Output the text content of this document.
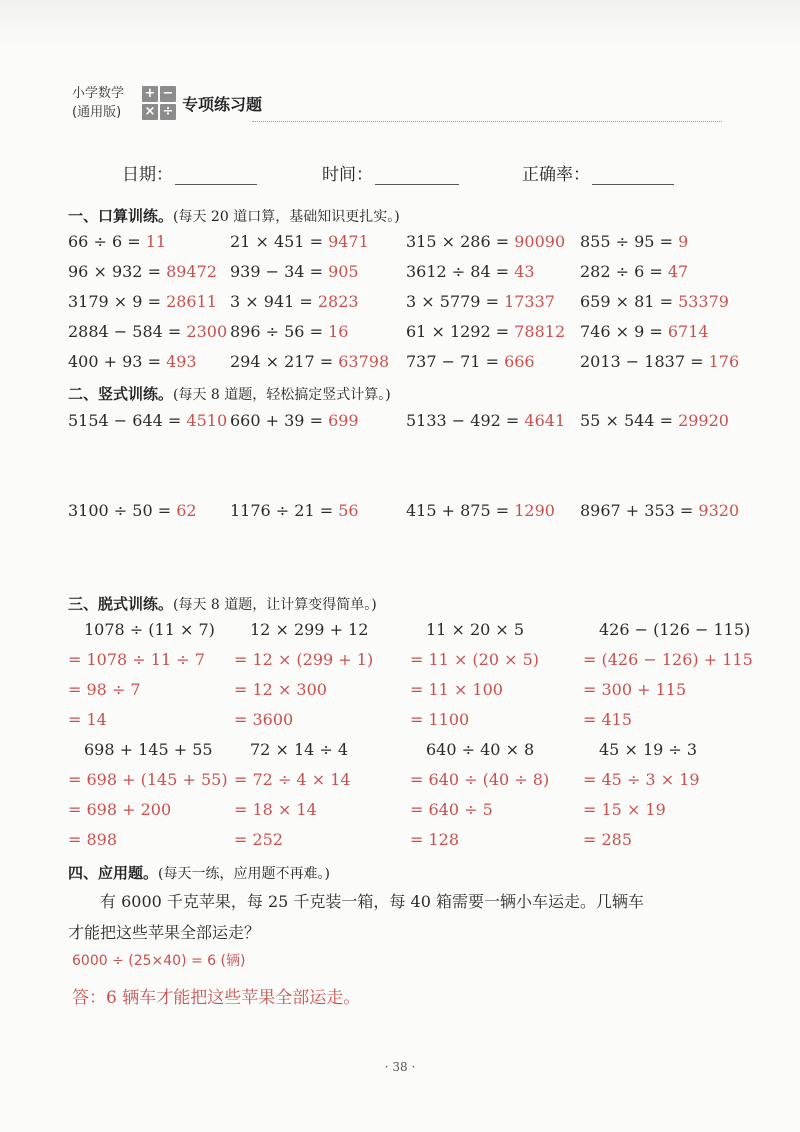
小学数学
(通用版)
+ −
× ÷ 专项练习题
日期：	时间：	正确率：
一、口算训练。(每天 20 道口算，基础知识更扎实。)
66 ÷ 6 = 11	21 × 451 = 9471 315 × 286 = 90090 855 ÷ 95 = 9
96 × 932 = 89472 939 − 34 = 905	3612 ÷ 84 = 43	282 ÷ 6 = 47
3179 × 9 = 28611 3 × 941 = 2823	3 × 5779 = 17337 659 × 81 = 53379
2884 − 584 = 2300 896 ÷ 56 = 16	61 × 1292 = 78812 746 × 9 = 6714
400 + 93 = 493 294 × 217 = 63798 737 − 71 = 666	2013 − 1837 = 176
二、竖式训练。(每天 8 道题，轻松搞定竖式计算。)
5154 − 644 = 4510 660 + 39 = 699	5133 − 492 = 4641 55 × 544 = 29920
3100 ÷ 50 = 62 1176 ÷ 21 = 56	415 + 875 = 1290 8967 + 353 = 9320
三、脱式训练。(每天 8 道题，让计算变得简单。)
1078 ÷ (11 × 7)
= 1078 ÷ 11 ÷ 7
= 98 ÷ 7
= 14
12 × 299 + 12
= 12 × (299 + 1)
= 12 × 300
= 3600
11 × 20 × 5
= 11 × (20 × 5)
= 11 × 100
= 1100
426 − (126 − 115)
= (426 − 126) + 115
= 300 + 115
= 415
698 + 145 + 55
= 698 + (145 + 55)
= 698 + 200
= 898
72 × 14 ÷ 4
= 72 ÷ 4 × 14
= 18 × 14
= 252
640 ÷ 40 × 8
= 640 ÷ (40 ÷ 8)
= 640 ÷ 5
= 128
45 × 19 ÷ 3
= 45 ÷ 3 × 19
= 15 × 19
= 285
四、应用题。(每天一练，应用题不再难。)
有 6000 千克苹果，每 25 千克装一箱，每 40 箱需要一辆小车运走。几辆车
才能把这些苹果全部运走？
6000 ÷ (25×40) = 6 (辆)
答：6 辆车才能把这些苹果全部运走。
· 38 ·
